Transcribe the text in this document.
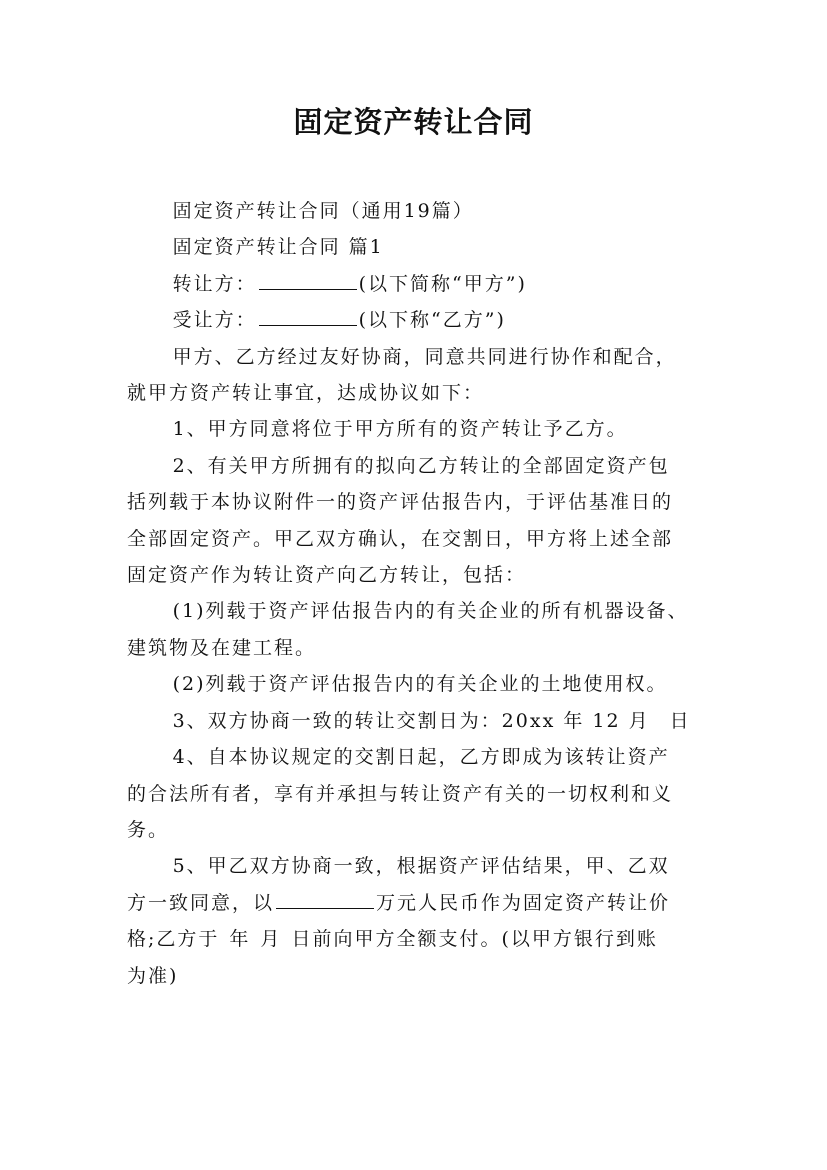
固定资产转让合同

固定资产转让合同（通用19篇）

固定资产转让合同 篇1

转让方：	(以下简称“甲方”)

受让方：	(以下称“乙方”)

甲方、乙方经过友好协商，同意共同进行协作和配合，
就甲方资产转让事宜，达成协议如下：

1、甲方同意将位于甲方所有的资产转让予乙方。

2、有关甲方所拥有的拟向乙方转让的全部固定资产包
括列载于本协议附件一的资产评估报告内，于评估基准日的
全部固定资产。甲乙双方确认，在交割日，甲方将上述全部
固定资产作为转让资产向乙方转让，包括：
(1)列载于资产评估报告内的有关企业的所有机器设备、
建筑物及在建工程。

(2)列载于资产评估报告内的有关企业的土地使用权。

3、双方协商一致的转让交割日为：20xx 年 12 月 日

4、自本协议规定的交割日起，乙方即成为该转让资产
的合法所有者，享有并承担与转让资产有关的一切权利和义
务。
5、甲乙双方协商一致，根据资产评估结果，甲、乙双
方一致同意，以	万元人民币作为固定资产转让价
格;乙方于 年 月 日前向甲方全额支付。(以甲方银行到账
为准)
